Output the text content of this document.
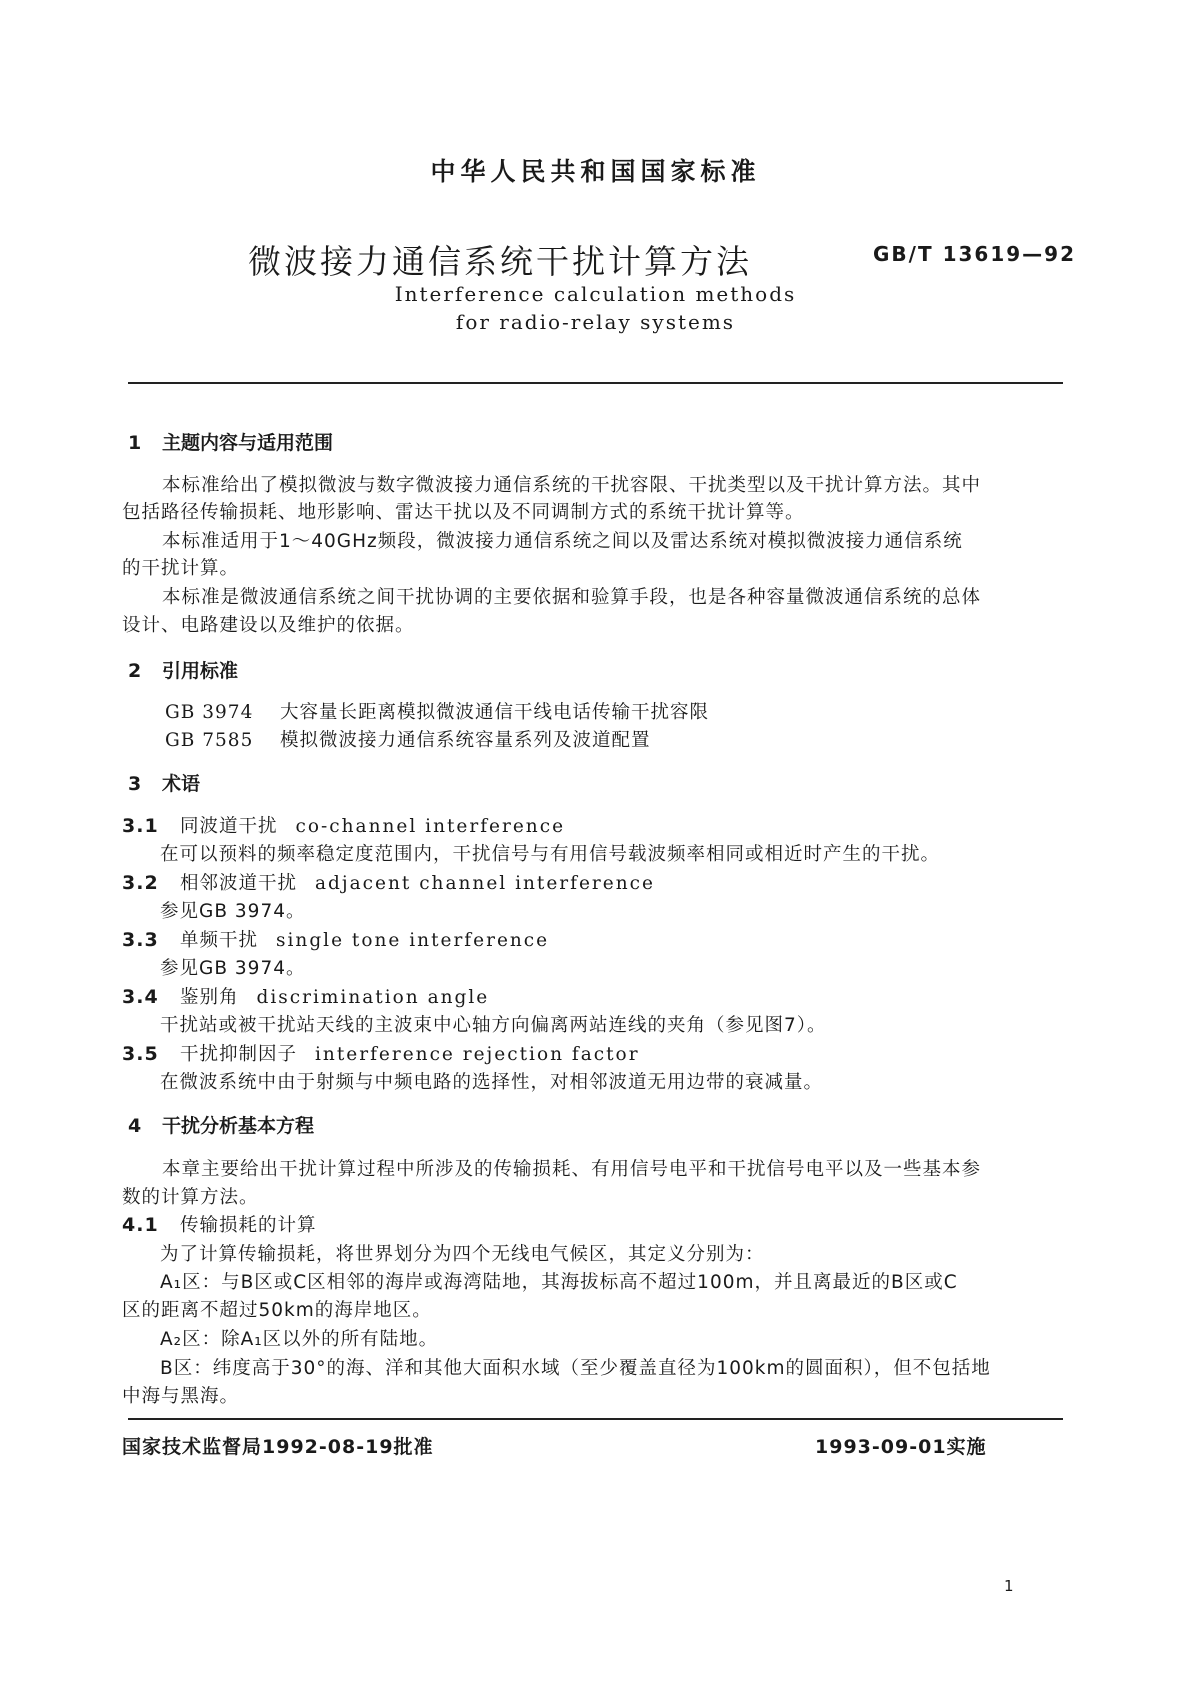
中华人民共和国国家标准
微波接力通信系统干扰计算方法	GB/T 13619—92
Interference calculation methods
for radio-relay systems
1 主题内容与适用范围
本标准给出了模拟微波与数字微波接力通信系统的干扰容限、干扰类型以及干扰计算方法。其中
包括路径传输损耗、地形影响、雷达干扰以及不同调制方式的系统干扰计算等。
本标准适用于1～40GHz频段，微波接力通信系统之间以及雷达系统对模拟微波接力通信系统
的干扰计算。
本标准是微波通信系统之间干扰协调的主要依据和验算手段，也是各种容量微波通信系统的总体
设计、电路建设以及维护的依据。
2 引用标准
GB 3974 大容量长距离模拟微波通信干线电话传输干扰容限
GB 7585 模拟微波接力通信系统容量系列及波道配置
3 术语
3.1 同波道干扰 co-channel interference
在可以预料的频率稳定度范围内，干扰信号与有用信号载波频率相同或相近时产生的干扰。
3.2 相邻波道干扰 adjacent channel interference
参见GB 3974。
3.3 单频干扰 single tone interference
参见GB 3974。
3.4 鉴别角 discrimination angle
干扰站或被干扰站天线的主波束中心轴方向偏离两站连线的夹角（参见图7）。
3.5 干扰抑制因子 interference rejection factor
在微波系统中由于射频与中频电路的选择性，对相邻波道无用边带的衰减量。
4 干扰分析基本方程
本章主要给出干扰计算过程中所涉及的传输损耗、有用信号电平和干扰信号电平以及一些基本参
数的计算方法。
4.1 传输损耗的计算
为了计算传输损耗，将世界划分为四个无线电气候区，其定义分别为：
A₁区：与B区或C区相邻的海岸或海湾陆地，其海拔标高不超过100m，并且离最近的B区或C
区的距离不超过50km的海岸地区。
A₂区：除A₁区以外的所有陆地。
B区：纬度高于30°的海、洋和其他大面积水域（至少覆盖直径为100km的圆面积），但不包括地
中海与黑海。
国家技术监督局1992-08-19批准	1993-09-01实施
1
